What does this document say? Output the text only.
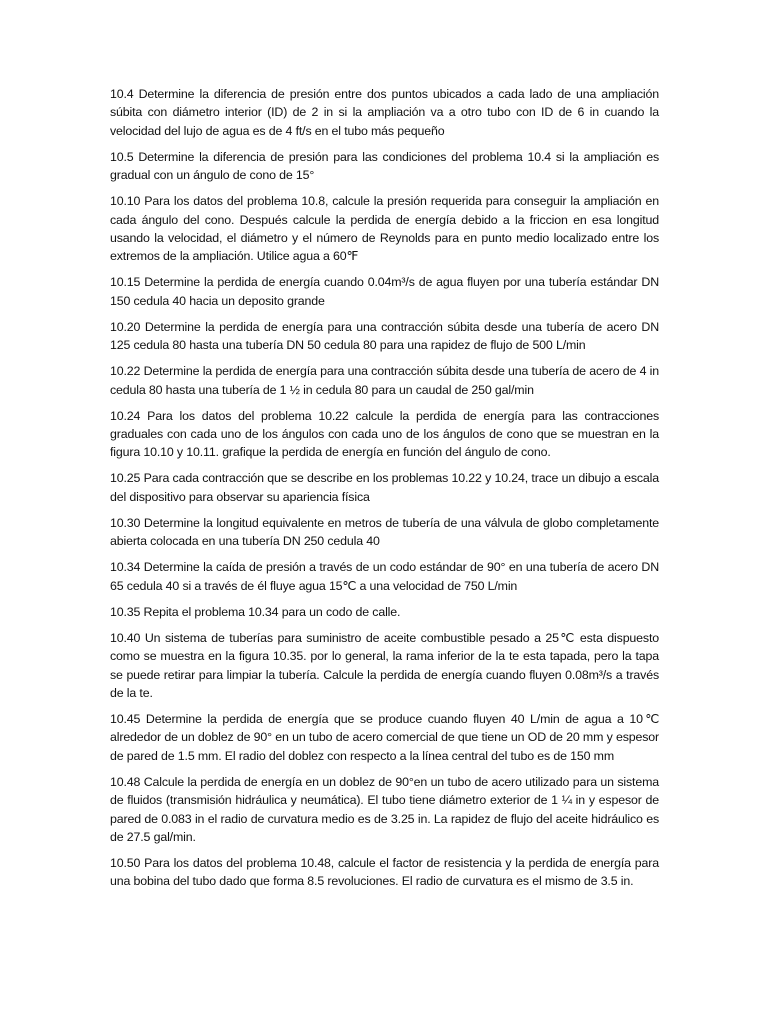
10.4 Determine la diferencia de presión entre dos puntos ubicados a cada lado de una ampliación súbita con diámetro interior (ID) de 2 in si la ampliación va a otro tubo con ID de 6 in cuando la velocidad del lujo de agua es de 4 ft/s en el tubo más pequeño

10.5 Determine la diferencia de presión para las condiciones del problema 10.4 si la ampliación es gradual con un ángulo de cono de 15°

10.10 Para los datos del problema 10.8, calcule la presión requerida para conseguir la ampliación en cada ángulo del cono. Después calcule la perdida de energía debido a la friccion en esa longitud usando la velocidad, el diámetro y el número de Reynolds para en punto medio localizado entre los extremos de la ampliación. Utilice agua a 60℉

10.15 Determine la perdida de energía cuando 0.04m³/s de agua fluyen por una tubería estándar DN 150 cedula 40 hacia un deposito grande

10.20 Determine la perdida de energía para una contracción súbita desde una tubería de acero DN 125 cedula 80 hasta una tubería DN 50 cedula 80 para una rapidez de flujo de 500 L/min

10.22 Determine la perdida de energía para una contracción súbita desde una tubería de acero de 4 in cedula 80 hasta una tubería de 1 ½ in cedula 80 para un caudal de 250 gal/min

10.24 Para los datos del problema 10.22 calcule la perdida de energía para las contracciones graduales con cada uno de los ángulos con cada uno de los ángulos de cono que se muestran en la figura 10.10 y 10.11. grafique la perdida de energía en función del ángulo de cono.

10.25 Para cada contracción que se describe en los problemas 10.22 y 10.24, trace un dibujo a escala del dispositivo para observar su apariencia física

10.30 Determine la longitud equivalente en metros de tubería de una válvula de globo completamente abierta colocada en una tubería DN 250 cedula 40

10.34 Determine la caída de presión a través de un codo estándar de 90° en una tubería de acero DN 65 cedula 40 si a través de él fluye agua 15℃ a una velocidad de 750 L/min

10.35 Repita el problema 10.34 para un codo de calle.

10.40 Un sistema de tuberías para suministro de aceite combustible pesado a 25℃ esta dispuesto como se muestra en la figura 10.35. por lo general, la rama inferior de la te esta tapada, pero la tapa se puede retirar para limpiar la tubería. Calcule la perdida de energía cuando fluyen 0.08m³/s a través de la te.

10.45 Determine la perdida de energía que se produce cuando fluyen 40 L/min de agua a 10℃ alrededor de un doblez de 90° en un tubo de acero comercial de que tiene un OD de 20 mm y espesor de pared de 1.5 mm. El radio del doblez con respecto a la línea central del tubo es de 150 mm

10.48 Calcule la perdida de energía en un doblez de 90°en un tubo de acero utilizado para un sistema de fluidos (transmisión hidráulica y neumática). El tubo tiene diámetro exterior de 1 ¼ in y espesor de pared de 0.083 in el radio de curvatura medio es de 3.25 in. La rapidez de flujo del aceite hidráulico es de 27.5 gal/min.

10.50 Para los datos del problema 10.48, calcule el factor de resistencia y la perdida de energía para una bobina del tubo dado que forma 8.5 revoluciones. El radio de curvatura es el mismo de 3.5 in.
